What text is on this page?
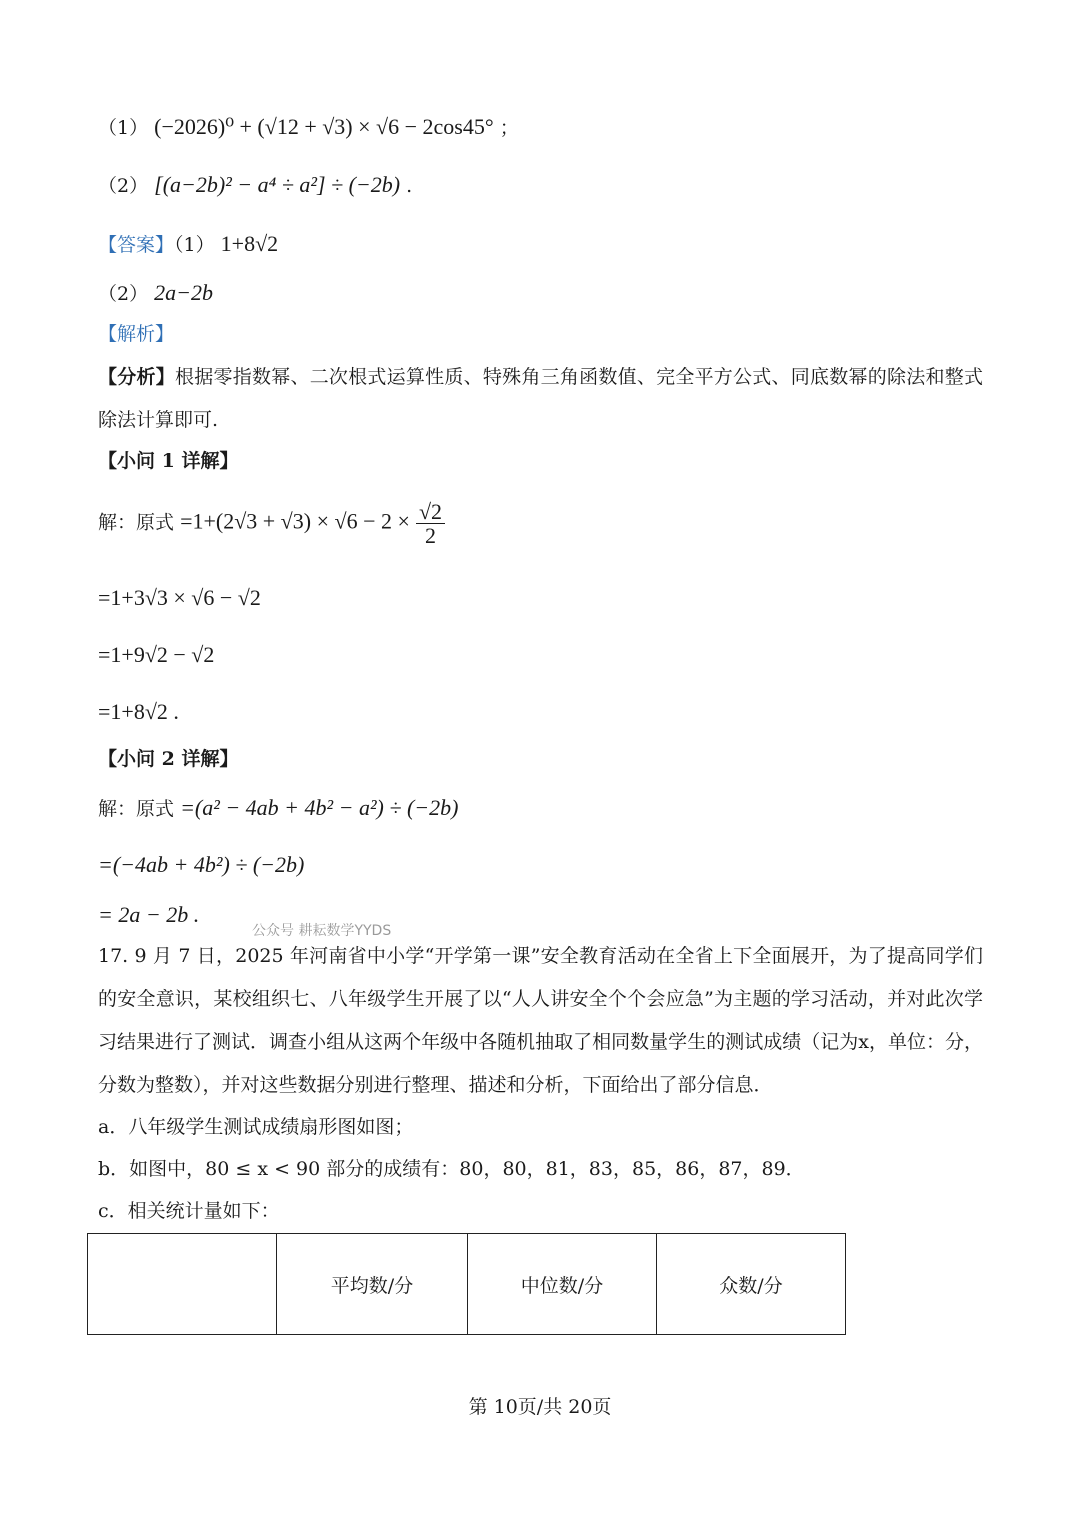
（1） (−2026)⁰ + (√12 + √3) × √6 − 2cos45° ；
（2） [(a−2b)² − a⁴ ÷ a²] ÷ (−2b) .
【答案】（1） 1+8√2
（2） 2a−2b
【解析】
【分析】根据零指数幂、二次根式运算性质、特殊角三角函数值、完全平方公式、同底数幂的除法和整式除法计算即可.
【小问 1 详解】
解：原式 $=1+(2√3 + √3) \times √6 - 2 \times \frac{√2}{2}$
=1+3√3 × √6 − √2
=1+9√2 − √2
=1+8√2 .
【小问 2 详解】
解：原式 =(a² − 4ab + 4b² − a²) ÷ (−2b)
=(−4ab + 4b²) ÷ (−2b)
= 2a − 2b .
公众号 耕耘数学YYDS
17. 9 月 7 日，2025 年河南省中小学“开学第一课”安全教育活动在全省上下全面展开，为了提高同学们的安全意识，某校组织七、八年级学生开展了以“人人讲安全个个会应急”为主题的学习活动，并对此次学习结果进行了测试．调查小组从这两个年级中各随机抽取了相同数量学生的测试成绩（记为x，单位：分，分数为整数），并对这些数据分别进行整理、描述和分析，下面给出了部分信息．
a．八年级学生测试成绩扇形图如图；
b．如图中，80 ≤ x < 90 部分的成绩有：80，80，81，83，85，86，87，89．
c．相关统计量如下：
	平均数/分	中位数/分	众数/分
第 10页/共 20页
